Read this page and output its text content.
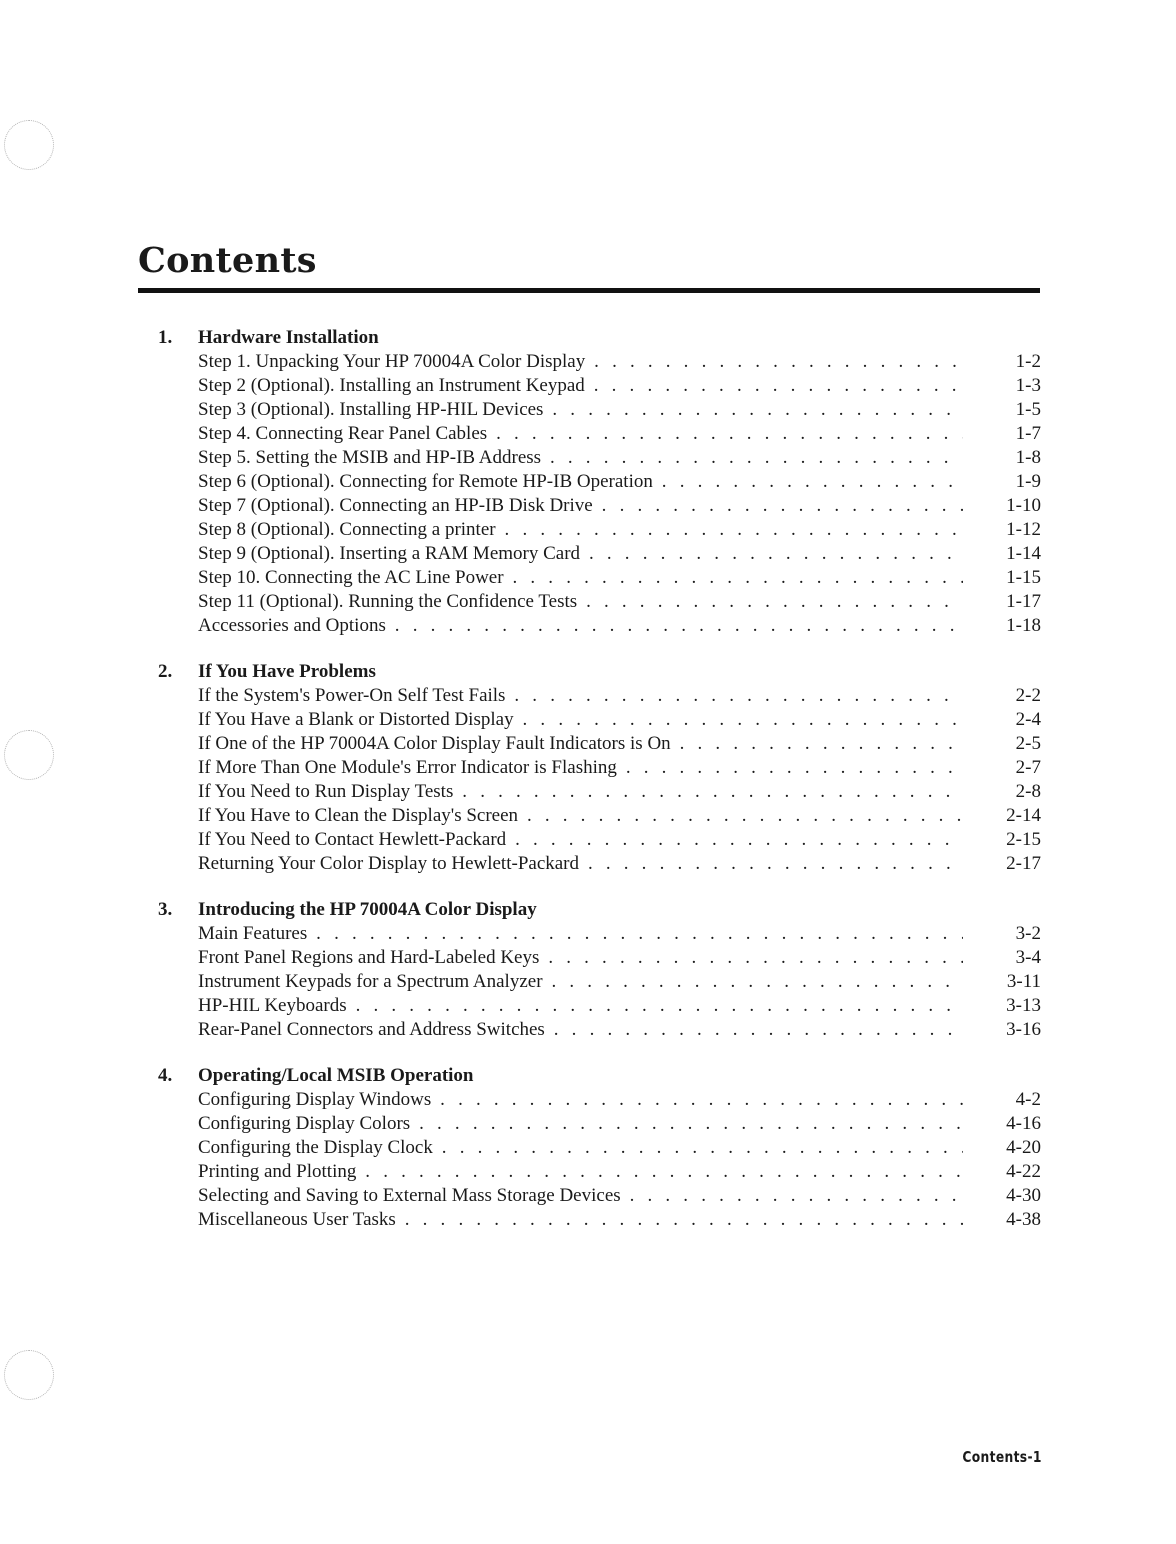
Contents
1.	Hardware Installation
Step 1. Unpacking Your HP 70004A Color Display . . .	1-2
Step 2 (Optional). Installing an Instrument Keypad . . .	1-3
Step 3 (Optional). Installing HP-HIL Devices . . .	1-5
Step 4. Connecting Rear Panel Cables . . .	1-7
Step 5. Setting the MSIB and HP-IB Address . . .	1-8
Step 6 (Optional). Connecting for Remote HP-IB Operation . . .	1-9
Step 7 (Optional). Connecting an HP-IB Disk Drive . . .	1-10
Step 8 (Optional). Connecting a printer . . .	1-12
Step 9 (Optional). Inserting a RAM Memory Card . . .	1-14
Step 10. Connecting the AC Line Power . . .	1-15
Step 11 (Optional). Running the Confidence Tests . . .	1-17
Accessories and Options . . .	1-18
2.	If You Have Problems
If the System's Power-On Self Test Fails . . .	2-2
If You Have a Blank or Distorted Display . . .	2-4
If One of the HP 70004A Color Display Fault Indicators is On . . .	2-5
If More Than One Module's Error Indicator is Flashing . . .	2-7
If You Need to Run Display Tests . . .	2-8
If You Have to Clean the Display's Screen . . .	2-14
If You Need to Contact Hewlett-Packard . . .	2-15
Returning Your Color Display to Hewlett-Packard . . .	2-17
3.	Introducing the HP 70004A Color Display
Main Features . . .	3-2
Front Panel Regions and Hard-Labeled Keys . . .	3-4
Instrument Keypads for a Spectrum Analyzer . . .	3-11
HP-HIL Keyboards . . .	3-13
Rear-Panel Connectors and Address Switches . . .	3-16
4.	Operating/Local MSIB Operation
Configuring Display Windows . . .	4-2
Configuring Display Colors . . .	4-16
Configuring the Display Clock . . .	4-20
Printing and Plotting . . .	4-22
Selecting and Saving to External Mass Storage Devices . . .	4-30
Miscellaneous User Tasks . . .	4-38
Contents-1
